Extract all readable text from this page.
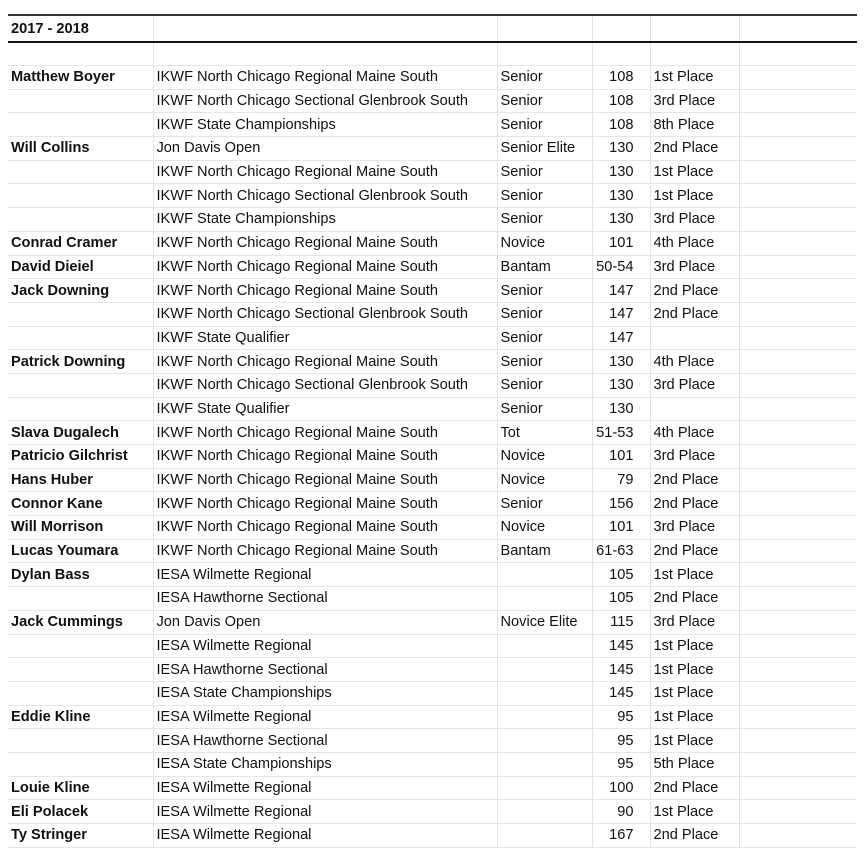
2017 - 2018					

Matthew Boyer	IKWF North Chicago Regional Maine South	Senior	108	1st Place	
	IKWF North Chicago Sectional Glenbrook South	Senior	108	3rd Place	
	IKWF State Championships	Senior	108	8th Place	
Will Collins	Jon Davis Open	Senior Elite	130	2nd Place	
	IKWF North Chicago Regional Maine South	Senior	130	1st Place	
	IKWF North Chicago Sectional Glenbrook South	Senior	130	1st Place	
	IKWF State Championships	Senior	130	3rd Place	
Conrad Cramer	IKWF North Chicago Regional Maine South	Novice	101	4th Place	
David Dieiel	IKWF North Chicago Regional Maine South	Bantam	50-54	3rd Place	
Jack Downing	IKWF North Chicago Regional Maine South	Senior	147	2nd Place	
	IKWF North Chicago Sectional Glenbrook South	Senior	147	2nd Place	
	IKWF State Qualifier	Senior	147		
Patrick Downing	IKWF North Chicago Regional Maine South	Senior	130	4th Place	
	IKWF North Chicago Sectional Glenbrook South	Senior	130	3rd Place	
	IKWF State Qualifier	Senior	130		
Slava Dugalech	IKWF North Chicago Regional Maine South	Tot	51-53	4th Place	
Patricio Gilchrist	IKWF North Chicago Regional Maine South	Novice	101	3rd Place	
Hans Huber	IKWF North Chicago Regional Maine South	Novice	79	2nd Place	
Connor Kane	IKWF North Chicago Regional Maine South	Senior	156	2nd Place	
Will Morrison	IKWF North Chicago Regional Maine South	Novice	101	3rd Place	
Lucas Youmara	IKWF North Chicago Regional Maine South	Bantam	61-63	2nd Place	
Dylan Bass	IESA Wilmette Regional		105	1st Place	
	IESA Hawthorne Sectional		105	2nd Place	
Jack Cummings	Jon Davis Open	Novice Elite	115	3rd Place	
	IESA Wilmette Regional		145	1st Place	
	IESA Hawthorne Sectional		145	1st Place	
	IESA State Championships		145	1st Place	
Eddie Kline	IESA Wilmette Regional		95	1st Place	
	IESA Hawthorne Sectional		95	1st Place	
	IESA State Championships		95	5th Place	
Louie Kline	IESA Wilmette Regional		100	2nd Place	
Eli Polacek	IESA Wilmette Regional		90	1st Place	
Ty Stringer	IESA Wilmette Regional		167	2nd Place	
